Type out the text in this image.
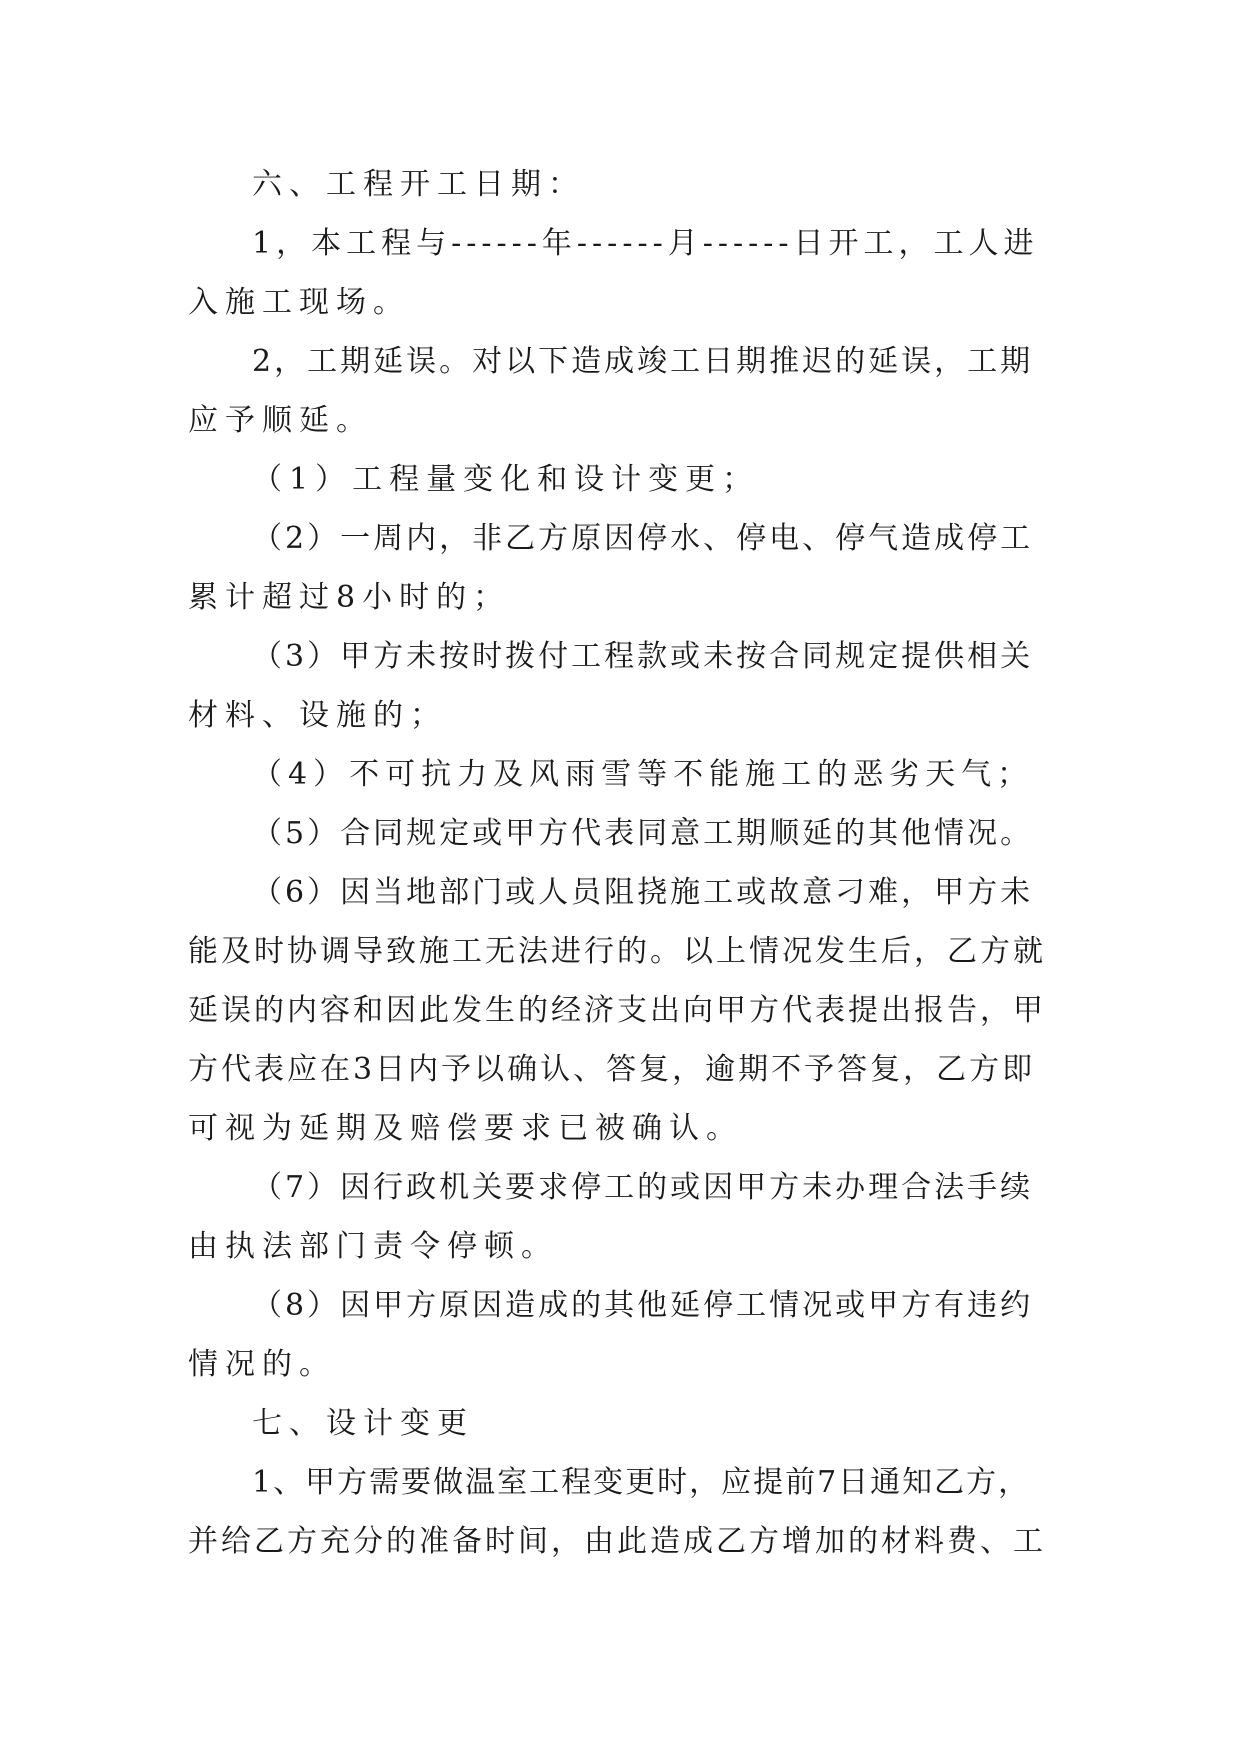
六、工程开工日期：
1，本工程与------年------月------日开工，工人进
入施工现场。
2，工期延误。对以下造成竣工日期推迟的延误，工期
应予顺延。
（1）工程量变化和设计变更；
（2）一周内，非乙方原因停水、停电、停气造成停工
累计超过8小时的；
（3）甲方未按时拨付工程款或未按合同规定提供相关
材料、设施的；
（4）不可抗力及风雨雪等不能施工的恶劣天气；
（5）合同规定或甲方代表同意工期顺延的其他情况。
（6）因当地部门或人员阻挠施工或故意刁难，甲方未
能及时协调导致施工无法进行的。以上情况发生后，乙方就
延误的内容和因此发生的经济支出向甲方代表提出报告，甲
方代表应在3日内予以确认、答复，逾期不予答复，乙方即
可视为延期及赔偿要求已被确认。
（7）因行政机关要求停工的或因甲方未办理合法手续
由执法部门责令停顿。
（8）因甲方原因造成的其他延停工情况或甲方有违约
情况的。
七、设计变更
1、甲方需要做温室工程变更时，应提前7日通知乙方，
并给乙方充分的准备时间，由此造成乙方增加的材料费、工
